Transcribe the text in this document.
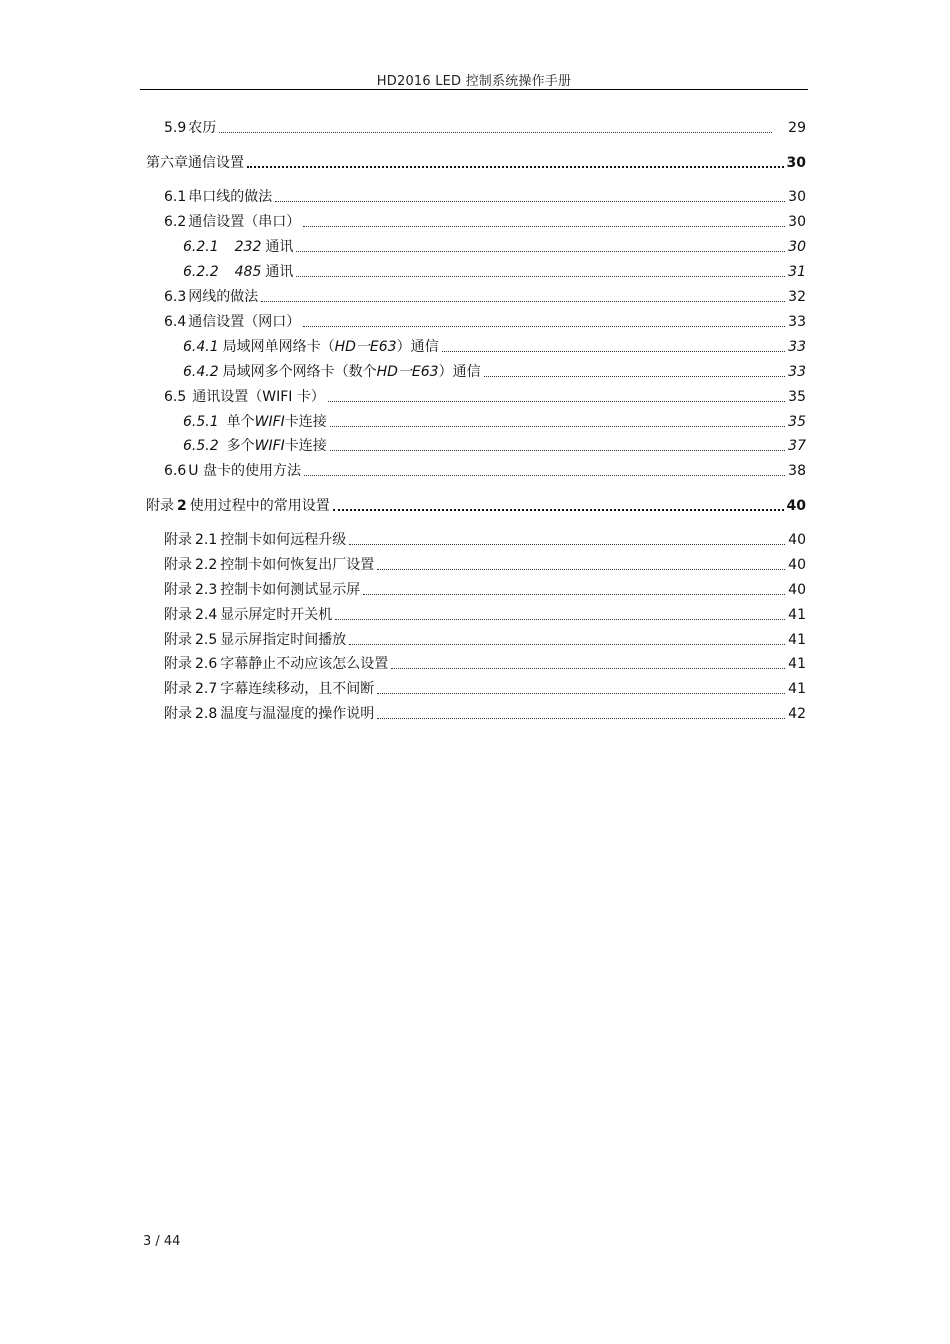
HD2016 LED 控制系统操作手册
5.9 农历	29
第六章通信设置	30
6.1 串口线的做法	30
6.2 通信设置（串口）	30
6.2.1 232 通讯	30
6.2.2 485 通讯	31
6.3 网线的做法	32
6.4 通信设置（网口）	33
6.4.1 局域网单网络卡（ HD一E63 ）通信	33
6.4.2 局域网多个网络卡（数个 HD一E63 ）通信	33
6.5 通讯设置（WIFI 卡）	35
6.5.1 单个 WIFI 卡连接	35
6.5.2 多个 WIFI 卡连接	37
6.6 U 盘卡的使用方法	38
附录 2 使用过程中的常用设置	40
附录 2.1 控制卡如何远程升级	40
附录 2.2 控制卡如何恢复出厂设置	40
附录 2.3 控制卡如何测试显示屏	40
附录 2.4 显示屏定时开关机	41
附录 2.5 显示屏指定时间播放	41
附录 2.6 字幕静止不动应该怎么设置	41
附录 2.7 字幕连续移动，且不间断	41
附录 2.8 温度与温湿度的操作说明	42
3 / 44
